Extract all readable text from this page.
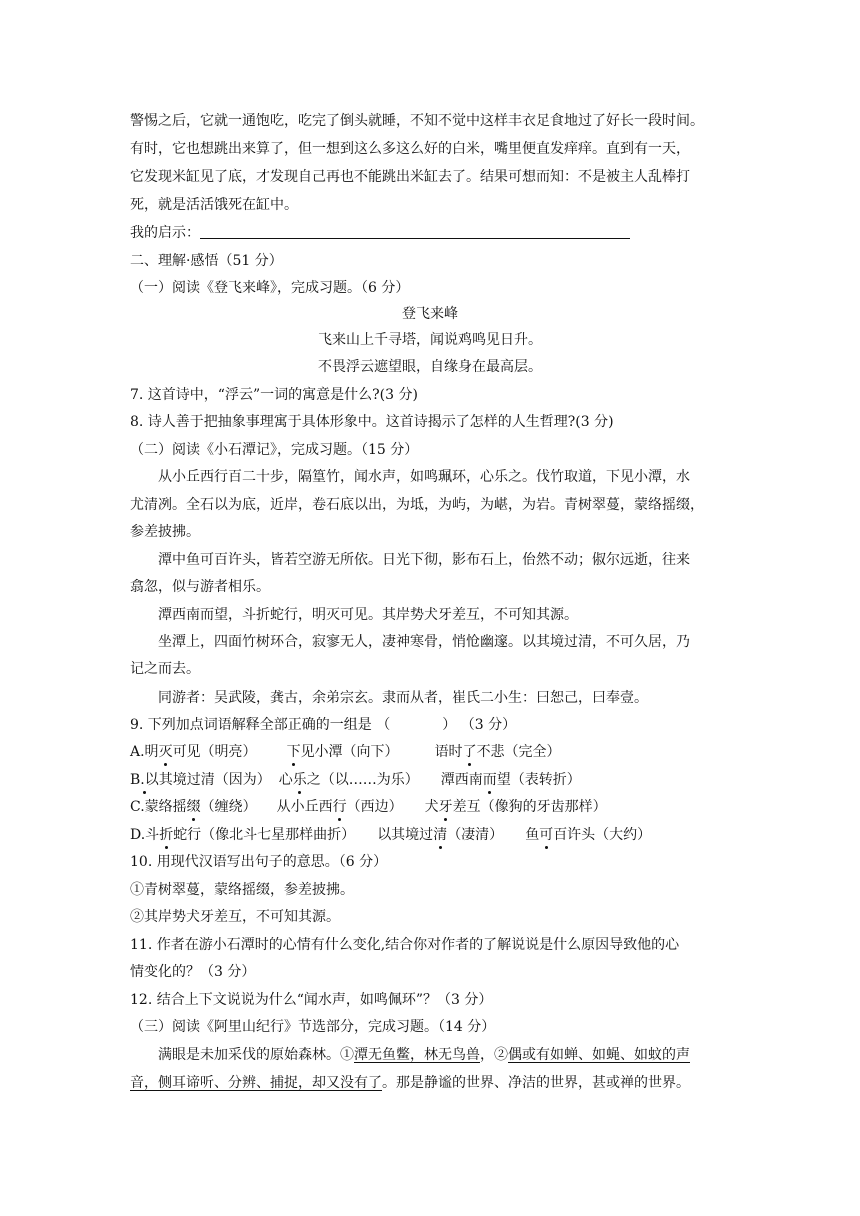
警惕之后，它就一通饱吃，吃完了倒头就睡，不知不觉中这样丰衣足食地过了好长一段时间。
有时，它也想跳出来算了，但一想到这么多这么好的白米，嘴里便直发痒痒。直到有一天，
它发现米缸见了底，才发现自己再也不能跳出米缸去了。结果可想而知：不是被主人乱棒打
死，就是活活饿死在缸中。
我的启示：
二、理解·感悟（51 分）
（一）阅读《登飞来峰》，完成习题。（6 分）
登飞来峰
飞来山上千寻塔，闻说鸡鸣见日升。
不畏浮云遮望眼，自缘身在最高层。
7. 这首诗中，“浮云”一词的寓意是什么?(3 分)
8. 诗人善于把抽象事理寓于具体形象中。这首诗揭示了怎样的人生哲理?(3 分)
（二）阅读《小石潭记》，完成习题。（15 分）
从小丘西行百二十步，隔篁竹，闻水声，如鸣珮环，心乐之。伐竹取道，下见小潭，水
尤清冽。全石以为底，近岸，卷石底以出，为坻，为屿，为嵁，为岩。青树翠蔓，蒙络摇缀，
参差披拂。
潭中鱼可百许头，皆若空游无所依。日光下彻，影布石上，佁然不动；俶尔远逝，往来
翕忽，似与游者相乐。
潭西南而望，斗折蛇行，明灭可见。其岸势犬牙差互，不可知其源。
坐潭上，四面竹树环合，寂寥无人，凄神寒骨，悄怆幽邃。以其境过清，不可久居，乃
记之而去。
同游者：吴武陵，龚古，余弟宗玄。隶而从者，崔氏二小生：曰恕己，曰奉壹。
9. 下列加点词语解释全部正确的一组是 （	） （3 分）
A.明灭可见（明亮） 下见小潭（向下）	语时了不悲（完全）
B.以其境过清（因为） 心乐之（以……为乐） 潭西南而望（表转折）
C.蒙络摇缀（缠绕） 从小丘西行（西边） 犬牙差互（像狗的牙齿那样）
D.斗折蛇行（像北斗七星那样曲折） 以其境过清（凄清） 鱼可百许头（大约）
10. 用现代汉语写出句子的意思。（6 分）
①青树翠蔓，蒙络摇缀，参差披拂。
②其岸势犬牙差互，不可知其源。
11. 作者在游小石潭时的心情有什么变化,结合你对作者的了解说说是什么原因导致他的心
情变化的？（3 分）
12. 结合上下文说说为什么“闻水声，如鸣佩环”？（3 分）
（三）阅读《阿里山纪行》节选部分，完成习题。（14 分）
满眼是未加采伐的原始森林。①潭无鱼鳖，林无鸟兽，②偶或有如蝉、如蝇、如蚊的声
音，侧耳谛听、分辨、捕捉，却又没有了。那是静谧的世界、净洁的世界，甚或禅的世界。
